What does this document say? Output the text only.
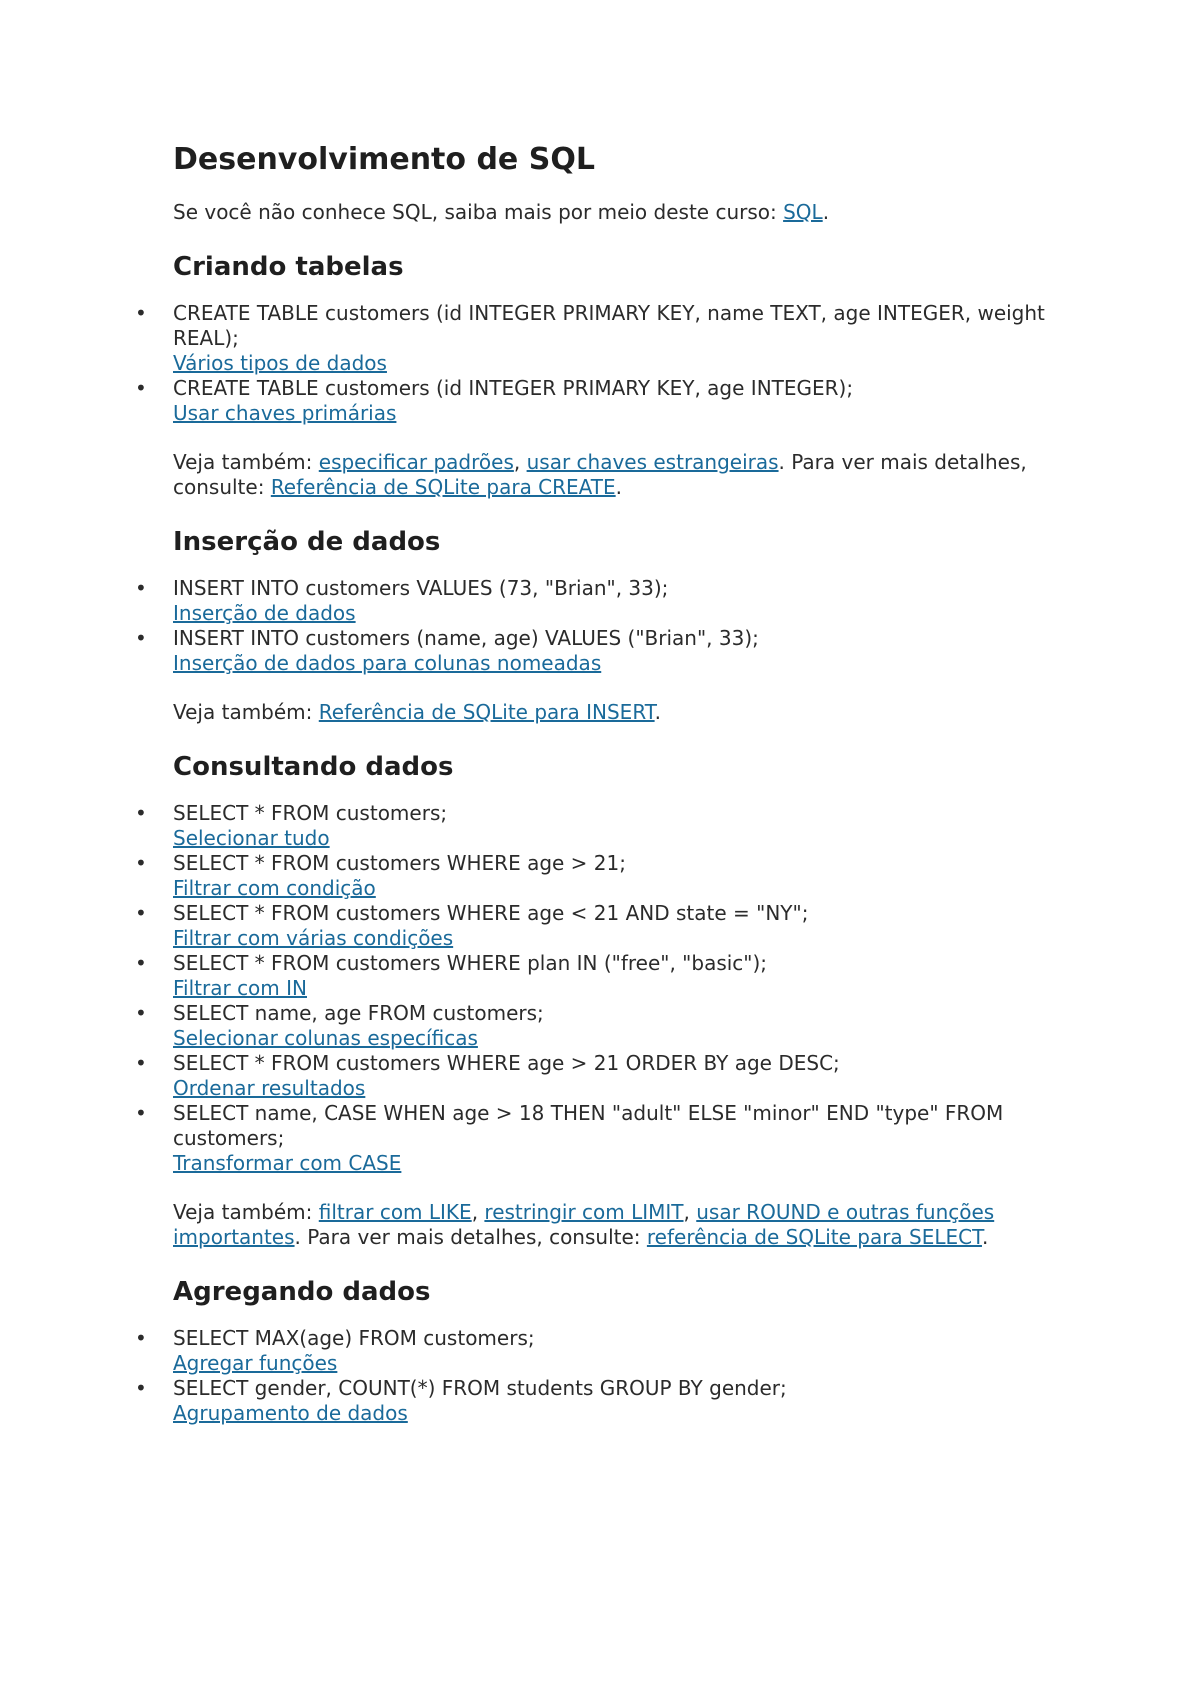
Desenvolvimento de SQL

Se você não conhece SQL, saiba mais por meio deste curso: SQL.

Criando tabelas
• CREATE TABLE customers (id INTEGER PRIMARY KEY, name TEXT, age INTEGER, weight REAL);
Vários tipos de dados
• CREATE TABLE customers (id INTEGER PRIMARY KEY, age INTEGER);
Usar chaves primárias

Veja também: especificar padrões, usar chaves estrangeiras. Para ver mais detalhes, consulte: Referência de SQLite para CREATE.

Inserção de dados
• INSERT INTO customers VALUES (73, "Brian", 33);
Inserção de dados
• INSERT INTO customers (name, age) VALUES ("Brian", 33);
Inserção de dados para colunas nomeadas

Veja também: Referência de SQLite para INSERT.

Consultando dados
• SELECT * FROM customers;
Selecionar tudo
• SELECT * FROM customers WHERE age > 21;
Filtrar com condição
• SELECT * FROM customers WHERE age < 21 AND state = "NY";
Filtrar com várias condições
• SELECT * FROM customers WHERE plan IN ("free", "basic");
Filtrar com IN
• SELECT name, age FROM customers;
Selecionar colunas específicas
• SELECT * FROM customers WHERE age > 21 ORDER BY age DESC;
Ordenar resultados
• SELECT name, CASE WHEN age > 18 THEN "adult" ELSE "minor" END "type" FROM customers;
Transformar com CASE

Veja também: filtrar com LIKE, restringir com LIMIT, usar ROUND e outras funções importantes. Para ver mais detalhes, consulte: referência de SQLite para SELECT.

Agregando dados
• SELECT MAX(age) FROM customers;
Agregar funções
• SELECT gender, COUNT(*) FROM students GROUP BY gender;
Agrupamento de dados
